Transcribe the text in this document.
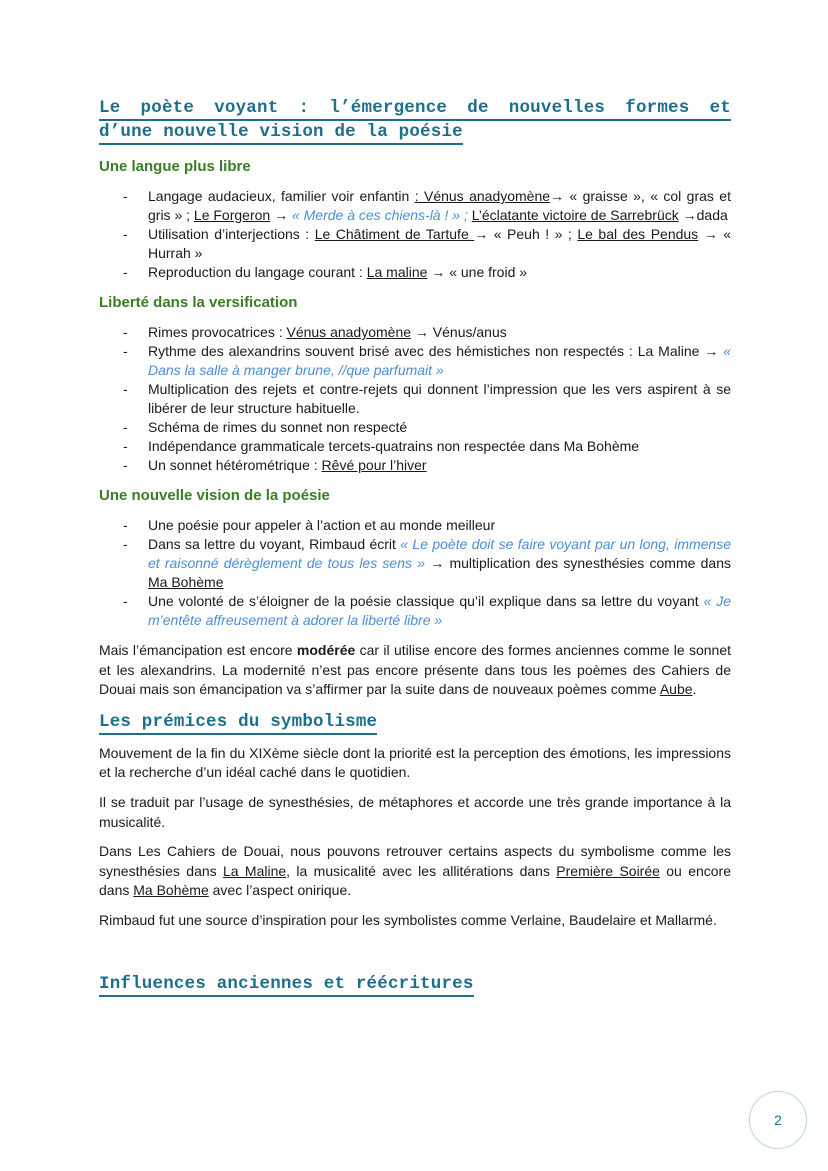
Le poète voyant : l’émergence de nouvelles formes et
d’une nouvelle vision de la poésie
Une langue plus libre
- Langage audacieux, familier voir enfantin : Vénus anadyomène→ « graisse », « col gras et gris » ; Le Forgeron → « Merde à ces chiens-là ! » ; L’éclatante victoire de Sarrebrück →dada
- Utilisation d’interjections : Le Châtiment de Tartufe → « Peuh ! » ; Le bal des Pendus → « Hurrah »
- Reproduction du langage courant : La maline → « une froid »
Liberté dans la versification
- Rimes provocatrices : Vénus anadyomène → Vénus/anus
- Rythme des alexandrins souvent brisé avec des hémistiches non respectés : La Maline → « Dans la salle à manger brune, //que parfumait »
- Multiplication des rejets et contre-rejets qui donnent l’impression que les vers aspirent à se libérer de leur structure habituelle.
- Schéma de rimes du sonnet non respecté
- Indépendance grammaticale tercets-quatrains non respectée dans Ma Bohème
- Un sonnet hétérométrique : Rêvé pour l’hiver
Une nouvelle vision de la poésie
- Une poésie pour appeler à l’action et au monde meilleur
- Dans sa lettre du voyant, Rimbaud écrit « Le poète doit se faire voyant par un long, immense et raisonné dérèglement de tous les sens » → multiplication des synesthésies comme dans Ma Bohème
- Une volonté de s’éloigner de la poésie classique qu’il explique dans sa lettre du voyant « Je m’entête affreusement à adorer la liberté libre »

Mais l’émancipation est encore modérée car il utilise encore des formes anciennes comme le sonnet et les alexandrins. La modernité n’est pas encore présente dans tous les poèmes des Cahiers de Douai mais son émancipation va s’affirmer par la suite dans de nouveaux poèmes comme Aube.

Les prémices du symbolisme

Mouvement de la fin du XIXème siècle dont la priorité est la perception des émotions, les impressions et la recherche d’un idéal caché dans le quotidien.

Il se traduit par l’usage de synesthésies, de métaphores et accorde une très grande importance à la musicalité.

Dans Les Cahiers de Douai, nous pouvons retrouver certains aspects du symbolisme comme les synesthésies dans La Maline, la musicalité avec les allitérations dans Première Soirée ou encore dans Ma Bohème avec l’aspect onirique.

Rimbaud fut une source d’inspiration pour les symbolistes comme Verlaine, Baudelaire et Mallarmé.

Influences anciennes et réécritures
2
